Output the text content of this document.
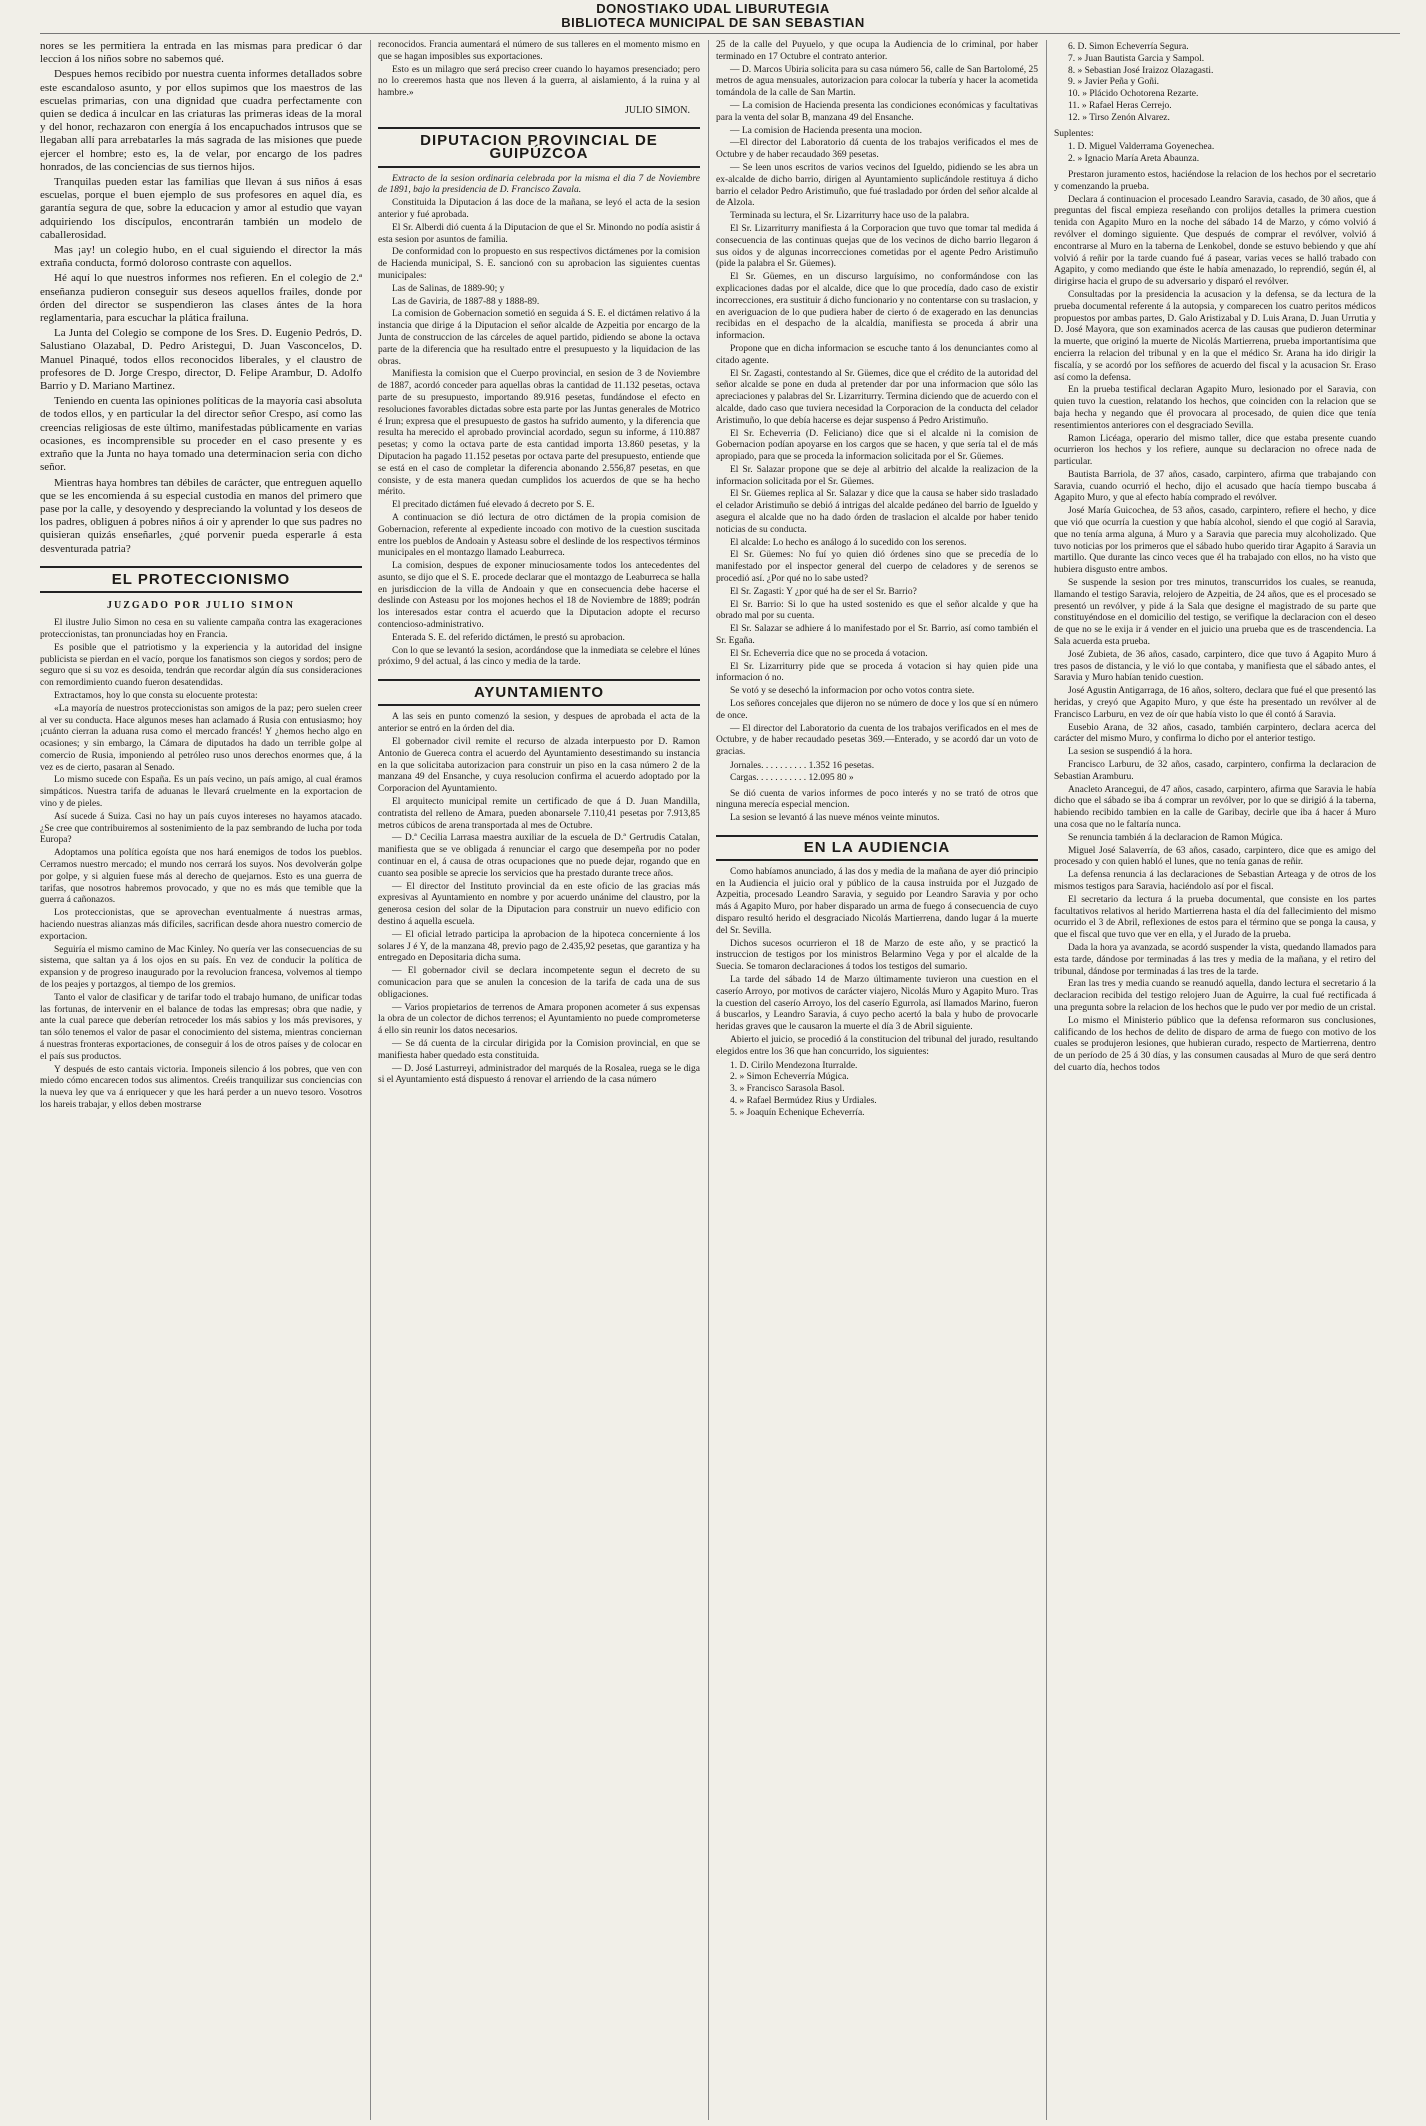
DONOSTIAKO UDAL LIBURUTEGIA
BIBLIOTECA MUNICIPAL DE SAN SEBASTIAN

nores se les permitiera la entrada en las mismas para predicar ó dar leccion á los niños sobre no sabemos qué.

Despues hemos recibido por nuestra cuenta informes detallados sobre este escandaloso asunto, y por ellos supimos que los maestros de las escuelas primarias, con una dignidad que cuadra perfectamente con quien se dedica á inculcar en las criaturas las primeras ideas de la moral y del honor, rechazaron con energía á los encapuchados intrusos que se llegaban allí para arrebatarles la más sagrada de las misiones que puede ejercer el hombre; esto es, la de velar, por encargo de los padres honrados, de las conciencias de sus tiernos hijos.

Tranquilas pueden estar las familias que llevan á sus niños á esas escuelas, porque el buen ejemplo de sus profesores en aquel día, es garantía segura de que, sobre la educacion y amor al estudio que vayan adquiriendo los discípulos, encontrarán también un modelo de caballerosidad.

Mas ¡ay! un colegio hubo, en el cual siguiendo el director la más extraña conducta, formó doloroso contraste con aquellos.

Hé aquí lo que nuestros informes nos refieren. En el colegio de 2.ª enseñanza pudieron conseguir sus deseos aquellos frailes, donde por órden del director se suspendieron las clases ántes de la hora reglamentaria, para escuchar la plática frailuna.

La Junta del Colegio se compone de los Sres. D. Eugenio Pedrós, D. Salustiano Olazabal, D. Pedro Aristegui, D. Juan Vasconcelos, D. Manuel Pinaqué, todos ellos reconocidos liberales, y el claustro de profesores de D. Jorge Crespo, director, D. Felipe Arambur, D. Adolfo Barrio y D. Mariano Martinez.

Teniendo en cuenta las opiniones políticas de la mayoría casi absoluta de todos ellos, y en particular la del director señor Crespo, así como las creencias religiosas de este último, manifestadas públicamente en varias ocasiones, es incomprensible su proceder en el caso presente y es extraño que la Junta no haya tomado una determinacion seria con dicho señor.

Mientras haya hombres tan débiles de carácter, que entreguen aquello que se les encomienda á su especial custodia en manos del primero que pase por la calle, y desoyendo y despreciando la voluntad y los deseos de los padres, obliguen á pobres niños á oir y aprender lo que sus padres no quisieran quizás enseñarles, ¿qué porvenir pueda esperarle á esta desventurada patria?

EL PROTECCIONISMO
JUZGADO POR JULIO SIMON

El ilustre Julio Simon no cesa en su valiente campaña contra las exageraciones proteccionistas, tan pronunciadas hoy en Francia.

Es posible que el patriotismo y la experiencia y la autoridad del insigne publicista se pierdan en el vacío, porque los fanatismos son ciegos y sordos; pero de seguro que si su voz es desoida, tendrán que recordar algún día sus consideraciones con remordimiento cuando fueron desatendidas.

Extractamos, hoy lo que consta su elocuente protesta:

«La mayoría de nuestros proteccionistas son amigos de la paz; pero suelen creer al ver su conducta. Hace algunos meses han aclamado á Rusia con entusiasmo; hoy ¡cuánto cierran la aduana rusa como el mercado francés! Y ¿hemos hecho algo en ocasiones; y sin embargo, la Cámara de diputados ha dado un terrible golpe al comercio de Rusia, imponiendo al petróleo ruso unos derechos enormes que, á la vez es de cierto, pasaran al Senado.

Lo mismo sucede con España. Es un país vecino, un país amigo, al cual éramos simpáticos. Nuestra tarifa de aduanas le llevará cruelmente en la exportacion de vino y de pieles.

Así sucede á Suiza. Casi no hay un país cuyos intereses no hayamos atacado. ¿Se cree que contribuiremos al sostenimiento de la paz sembrando de lucha por toda Europa?

Adoptamos una política egoísta que nos hará enemigos de todos los pueblos. Cerramos nuestro mercado; el mundo nos cerrará los suyos. Nos devolverán golpe por golpe, y si alguien fuese más al derecho de quejarnos. Esto es una guerra de tarifas, que nosotros habremos provocado, y que no es más que temible que la guerra á cañonazos.

Los proteccionistas, que se aprovechan eventualmente á nuestras armas, haciendo nuestras alianzas más difíciles, sacrifican desde ahora nuestro comercio de exportacion.

Seguiría el mismo camino de Mac Kinley. No quería ver las consecuencias de su sistema, que saltan ya á los ojos en su país. En vez de conducir la política de expansion y de progreso inaugurado por la revolucion francesa, volvemos al tiempo de los peajes y portazgos, al tiempo de los gremios.

Tanto el valor de clasificar y de tarifar todo el trabajo humano, de unificar todas las fortunas, de intervenir en el balance de todas las empresas; obra que nadie, y ante la cual parece que deberían retroceder los más sabios y los más previsores, y tan sólo tenemos el valor de pasar el conocimiento del sistema, mientras conciernan á nuestras fronteras exportaciones, de conseguir á los de otros países y de colocar en el país sus productos.

Y después de esto cantais victoria. Imponeis silencio á los pobres, que ven con miedo cómo encarecen todos sus alimentos. Creéis tranquilizar sus conciencias con la nueva ley que va á enriquecer y que les hará perder a un nuevo tesoro. Vosotros los hareis trabajar, y ellos deben mostrarse

reconocidos. Francia aumentará el número de sus talleres en el momento mismo en que se hagan imposibles sus exportaciones.

Esto es un milagro que será preciso creer cuando lo hayamos presenciado; pero no lo creeremos hasta que nos lleven á la guerra, al aislamiento, á la ruina y al hambre.»

JULIO SIMON.
DIPUTACION PROVINCIAL DE GUIPÚZCOA

Extracto de la sesion ordinaria celebrada por la misma el dia 7 de Noviembre de 1891, bajo la presidencia de D. Francisco Zavala.

Constituida la Diputacion á las doce de la mañana, se leyó el acta de la sesion anterior y fué aprobada.

El Sr. Alberdi dió cuenta á la Diputacion de que el Sr. Minondo no podía asistir á esta sesion por asuntos de familia.

De conformidad con lo propuesto en sus respectivos dictámenes por la comision de Hacienda municipal, S. E. sancionó con su aprobacion las siguientes cuentas municipales:

Las de Salinas, de 1889-90; y

Las de Gaviria, de 1887-88 y 1888-89.

La comision de Gobernacion sometió en seguida á S. E. el dictámen relativo á la instancia que dirige á la Diputacion el señor alcalde de Azpeitia por encargo de la Junta de construccion de las cárceles de aquel partido, pidiendo se abone la octava parte de la diferencia que ha resultado entre el presupuesto y la liquidacion de las obras.

Manifiesta la comision que el Cuerpo provincial, en sesion de 3 de Noviembre de 1887, acordó conceder para aquellas obras la cantidad de 11.132 pesetas, octava parte de su presupuesto, importando 89.916 pesetas, fundándose el efecto en resoluciones favorables dictadas sobre esta parte por las Juntas generales de Motrico é Irun; expresa que el presupuesto de gastos ha sufrido aumento, y la diferencia que resulta ha merecido el aprobado provincial acordado, segun su informe, á 110.887 pesetas; y como la octava parte de esta cantidad importa 13.860 pesetas, y la Diputacion ha pagado 11.152 pesetas por octava parte del presupuesto, entiende que se está en el caso de completar la diferencia abonando 2.556,87 pesetas, en que consiste, y de esta manera quedan cumplidos los acuerdos de que se ha hecho mérito.

El precitado dictámen fué elevado á decreto por S. E.

A continuacion se dió lectura de otro dictámen de la propia comision de Gobernacion, referente al expediente incoado con motivo de la cuestion suscitada entre los pueblos de Andoain y Asteasu sobre el deslinde de los respectivos términos municipales en el montazgo llamado Leaburreca.

La comision, despues de exponer minuciosamente todos los antecedentes del asunto, se dijo que el S. E. procede declarar que el montazgo de Leaburreca se halla en jurisdiccion de la villa de Andoain y que en consecuencia debe hacerse el deslinde con Asteasu por los mojones hechos el 18 de Noviembre de 1889; podrán los interesados estar contra el acuerdo que la Diputacion adopte el recurso contencioso-administrativo.

Enterada S. E. del referido dictámen, le prestó su aprobacion.

Con lo que se levantó la sesion, acordándose que la inmediata se celebre el lúnes próximo, 9 del actual, á las cinco y media de la tarde.

AYUNTAMIENTO

A las seis en punto comenzó la sesion, y despues de aprobada el acta de la anterior se entró en la órden del dia.

El gobernador civil remite el recurso de alzada interpuesto por D. Ramon Antonio de Guereca contra el acuerdo del Ayuntamiento desestimando su instancia en la que solicitaba autorizacion para construir un piso en la casa número 2 de la manzana 49 del Ensanche, y cuya resolucion confirma el acuerdo adoptado por la Corporacion del Ayuntamiento.

El arquitecto municipal remite un certificado de que á D. Juan Mandilla, contratista del relleno de Amara, pueden abonarsele 7.110,41 pesetas por 7.913,85 metros cúbicos de arena transportada al mes de Octubre.

— D.ª Cecilia Larrasa maestra auxiliar de la escuela de D.ª Gertrudis Catalan, manifiesta que se ve obligada á renunciar el cargo que desempeña por no poder continuar en el, á causa de otras ocupaciones que no puede dejar, rogando que en cuanto sea posible se aprecie los servicios que ha prestado durante trece años.

— El director del Instituto provincial da en este oficio de las gracias más expresivas al Ayuntamiento en nombre y por acuerdo unánime del claustro, por la generosa cesion del solar de la Diputacion para construir un nuevo edificio con destino á aquella escuela.

— El oficial letrado participa la aprobacion de la hipoteca concerniente á los solares J é Y, de la manzana 48, previo pago de 2.435,92 pesetas, que garantiza y ha entregado en Depositaria dicha suma.

— El gobernador civil se declara incompetente segun el decreto de su comunicacion para que se anulen la concesion de la tarifa de cada una de sus obligaciones.

— Varios propietarios de terrenos de Amara proponen acometer á sus expensas la obra de un colector de dichos terrenos; el Ayuntamiento no puede comprometerse á ello sin reunir los datos necesarios.

— Se dá cuenta de la circular dirigida por la Comision provincial, en que se manifiesta haber quedado esta constituida.

— D. José Lasturreyi, administrador del marqués de la Rosalea, ruega se le diga si el Ayuntamiento está dispuesto á renovar el arriendo de la casa número

25 de la calle del Puyuelo, y que ocupa la Audiencia de lo criminal, por haber terminado en 17 Octubre el contrato anterior.

— D. Marcos Ubiria solicita para su casa número 56, calle de San Bartolomé, 25 metros de agua mensuales, autorizacion para colocar la tubería y hacer la acometida tomándola de la calle de San Martin.

— La comision de Hacienda presenta las condiciones económicas y facultativas para la venta del solar B, manzana 49 del Ensanche.

— La comision de Hacienda presenta una mocion.

—El director del Laboratorio dá cuenta de los trabajos verificados el mes de Octubre y de haber recaudado 369 pesetas.

— Se leen unos escritos de varios vecinos del Igueldo, pidiendo se les abra un ex-alcalde de dicho barrio, dirigen al Ayuntamiento suplicándole restituya á dicho barrio el celador Pedro Aristimuño, que fué trasladado por órden del señor alcalde al de Alzola.

Terminada su lectura, el Sr. Lizarriturry hace uso de la palabra.

El Sr. Lizarriturry manifiesta á la Corporacion que tuvo que tomar tal medida á consecuencia de las continuas quejas que de los vecinos de dicho barrio llegaron á sus oidos y de algunas incorrecciones cometidas por el agente Pedro Aristimuño (pide la palabra el Sr. Güemes).

El Sr. Güemes, en un discurso larguísimo, no conformándose con las explicaciones dadas por el alcalde, dice que lo que procedía, dado caso de existir incorrecciones, era sustituir á dicho funcionario y no contentarse con su traslacion, y en averiguacion de lo que pudiera haber de cierto ó de exagerado en las denuncias recibidas en el despacho de la alcaldía, manifiesta se proceda á abrir una informacion.

Propone que en dicha informacion se escuche tanto á los denunciantes como al citado agente.

El Sr. Zagasti, contestando al Sr. Güemes, dice que el crédito de la autoridad del señor alcalde se pone en duda al pretender dar por una informacion que sólo las apreciaciones y palabras del Sr. Lizarriturry. Termina diciendo que de acuerdo con el alcalde, dado caso que tuviera necesidad la Corporacion de la conducta del celador Aristimuño, lo que debía hacerse es dejar suspenso á Pedro Aristimuño.

El Sr. Echeverria (D. Feliciano) dice que si el alcalde ni la comision de Gobernacion podían apoyarse en los cargos que se hacen, y que sería tal el de más apropiado, para que se proceda la informacion solicitada por el Sr. Güemes.

El Sr. Salazar propone que se deje al arbitrio del alcalde la realizacion de la informacion solicitada por el Sr. Güemes.

El Sr. Güemes replica al Sr. Salazar y dice que la causa se haber sido trasladado el celador Aristimuño se debió á intrigas del alcalde pedáneo del barrio de Igueldo y asegura el alcalde que no ha dado órden de traslacion el alcalde por haber tenido noticias de su conducta.

El alcalde: Lo hecho es análogo á lo sucedido con los serenos.

El Sr. Güemes: No fuí yo quien dió órdenes sino que se precedía de lo manifestado por el inspector general del cuerpo de celadores y de serenos se procedió así. ¿Por qué no lo sabe usted?

El Sr. Zagasti: Y ¿por qué ha de ser el Sr. Barrio?

El Sr. Barrio: Si lo que ha usted sostenido es que el señor alcalde y que ha obrado mal por su cuenta.

El Sr. Salazar se adhiere á lo manifestado por el Sr. Barrio, así como también el Sr. Egaña.

El Sr. Echeverria dice que no se proceda á votacion.

El Sr. Lizarriturry pide que se proceda á votacion si hay quien pide una informacion ó no.

Se votó y se desechó la informacion por ocho votos contra siete.

Los señores concejales que dijeron no se número de doce y los que sí en número de once.

— El director del Laboratorio da cuenta de los trabajos verificados en el mes de Octubre, y de haber recaudado pesetas 369.—Enterado, y se acordó dar un voto de gracias.

Jornales. . . . . . . . . . 1.352 16 pesetas.
Cargas. . . . . . . . . . . 12.095 80 »

Se dió cuenta de varios informes de poco interés y no se trató de otros que ninguna merecía especial mencion.

La sesion se levantó á las nueve ménos veinte minutos.

EN LA AUDIENCIA

Como habíamos anunciado, á las dos y media de la mañana de ayer dió principio en la Audiencia el juicio oral y público de la causa instruida por el Juzgado de Azpeitia, procesado Leandro Saravia, y seguido por Leandro Saravia y por ocho más á Agapito Muro, por haber disparado un arma de fuego á consecuencia de cuyo disparo resultó herido el desgraciado Nicolás Martierrena, dando lugar á la muerte del Sr. Sevilla.

Dichos sucesos ocurrieron el 18 de Marzo de este año, y se practicó la instruccion de testigos por los ministros Belarmino Vega y por el alcalde de la Suecia. Se tomaron declaraciones á todos los testigos del sumario.

La tarde del sábado 14 de Marzo últimamente tuvieron una cuestion en el caserío Arroyo, por motivos de carácter viajero, Nicolás Muro y Agapito Muro. Tras la cuestion del caserío Arroyo, los del caserío Egurrola, así llamados Marino, fueron á buscarlos, y Leandro Saravia, á cuyo pecho acertó la bala y hubo de provocarle heridas graves que le causaron la muerte el día 3 de Abril siguiente.

Abierto el juicio, se procedió á la constitucion del tribunal del jurado, resultando elegidos entre los 36 que han concurrido, los siguientes:

1. D. Cirilo Mendezona Iturralde.
2. » Simon Echeverría Múgica.
3. » Francisco Sarasola Basol.
4. » Rafael Bermúdez Rius y Urdiales.
5. » Joaquín Echenique Echeverría.
6. D. Simon Echeverría Segura.
7. » Juan Bautista Garcia y Sampol.
8. » Sebastian José Iraizoz Olazagasti.
9. » Javier Peña y Goñi.
10. » Plácido Ochotorena Rezarte.
11. » Rafael Heras Cerrejo.
12. » Tirso Zenón Alvarez.
Suplentes:
1. D. Miguel Valderrama Goyenechea.
2. » Ignacio María Areta Abaunza.

Prestaron juramento estos, haciéndose la relacion de los hechos por el secretario y comenzando la prueba.

Declara á continuacion el procesado Leandro Saravia, casado, de 30 años, que á preguntas del fiscal empieza reseñando con prolijos detalles la primera cuestion tenida con Agapito Muro en la noche del sábado 14 de Marzo, y cómo volvió á revólver el domingo siguiente. Que después de comprar el revólver, volvió á encontrarse al Muro en la taberna de Lenkobel, donde se estuvo bebiendo y que ahí volvió á reñir por la tarde cuando fué á pasear, varias veces se halló trabado con Agapito, y como mediando que éste le había amenazado, lo reprendió, según él, al dirigirse hacia el grupo de su adversario y disparó el revólver.

Consultadas por la presidencia la acusacion y la defensa, se da lectura de la prueba documental referente á la autopsia, y comparecen los cuatro peritos médicos propuestos por ambas partes, D. Galo Aristizabal y D. Luis Arana, D. Juan Urrutia y D. José Mayora, que son examinados acerca de las causas que pudieron determinar la muerte, que originó la muerte de Nicolás Martierrena, prueba importantísima que encierra la relacion del tribunal y en la que el médico Sr. Arana ha ido dirigir la fiscalía, y se acordó por los sefñores de acuerdo del fiscal y la acusacion Sr. Eraso así como la defensa.

En la prueba testifical declaran Agapito Muro, lesionado por el Saravia, con quien tuvo la cuestion, relatando los hechos, que coinciden con la relacion que se baja hecha y negando que él provocara al procesado, de quien dice que tenía resentimientos anteriores con el desgraciado Sevilla.

Ramon Licéaga, operario del mismo taller, dice que estaba presente cuando ocurrieron los hechos y los refiere, aunque su declaracion no ofrece nada de particular.

Bautista Barriola, de 37 años, casado, carpintero, afirma que trabajando con Saravia, cuando ocurrió el hecho, dijo el acusado que hacía tiempo buscaba á Agapito Muro, y que al efecto había comprado el revólver.

José María Guicochea, de 53 años, casado, carpintero, refiere el hecho, y dice que vió que ocurría la cuestion y que había alcohol, siendo el que cogió al Saravia, que no tenía arma alguna, á Muro y a Saravia que parecia muy alcoholizado. Que tuvo noticias por los primeros que el sábado hubo querido tirar Agapito á Saravia un martillo. Que durante las cinco veces que él ha trabajado con ellos, no ha visto que hubiera disgusto entre ambos.

Se suspende la sesion por tres minutos, transcurridos los cuales, se reanuda, llamando el testigo Saravia, relojero de Azpeitia, de 24 años, que es el procesado se presentó un revólver, y pide á la Sala que designe el magistrado de su parte que constituyéndose en el domicilio del testigo, se verifique la declaracion con el deseo de que no se le exija ir á vender en el juicio una prueba que es de trascendencia. La Sala acuerda esta prueba.

José Zubieta, de 36 años, casado, carpintero, dice que tuvo á Agapito Muro á tres pasos de distancia, y le vió lo que contaba, y manifiesta que el sábado antes, el Saravia y Muro habían tenido cuestion.

José Agustin Antigarraga, de 16 años, soltero, declara que fué el que presentó las heridas, y creyó que Agapito Muro, y que éste ha presentado un revólver al de Francisco Larburu, en vez de oír que había visto lo que él contó á Saravia.

Eusebio Arana, de 32 años, casado, también carpintero, declara acerca del carácter del mismo Muro, y confirma lo dicho por el anterior testigo.

La sesion se suspendió á la hora.

Francisco Larburu, de 32 años, casado, carpintero, confirma la declaracion de Sebastian Aramburu.

Anacleto Arancegui, de 47 años, casado, carpintero, afirma que Saravia le había dicho que el sábado se iba á comprar un revólver, por lo que se dirigió á la taberna, habiendo recibido tambien en la calle de Garibay, decirle que iba á hacer á Muro una cosa que no le faltaría nunca.

Se renuncia también á la declaracion de Ramon Múgica.

Miguel José Salaverría, de 63 años, casado, carpintero, dice que es amigo del procesado y con quien habló el lunes, que no tenía ganas de reñir.

La defensa renuncia á las declaraciones de Sebastian Arteaga y de otros de los mismos testigos para Saravia, haciéndolo así por el fiscal.

El secretario da lectura á la prueba documental, que consiste en los partes facultativos relativos al herido Martierrena hasta el día del fallecimiento del mismo ocurrido el 3 de Abril, reflexiones de estos para el término que se ponga la causa, y que el fiscal que tuvo que ver en ella, y el Jurado de la prueba.

Dada la hora ya avanzada, se acordó suspender la vista, quedando llamados para esta tarde, dándose por terminadas á las tres y media de la mañana, y el retiro del tribunal, dándose por terminadas á las tres de la tarde.

Eran las tres y media cuando se reanudó aquella, dando lectura el secretario á la declaracion recibida del testigo relojero Juan de Aguirre, la cual fué rectificada á una pregunta sobre la relacion de los hechos que le pudo ver por medio de un cristal.

Lo mismo el Ministerio público que la defensa reformaron sus conclusiones, calificando de los hechos de delito de disparo de arma de fuego con motivo de los cuales se produjeron lesiones, que hubieran curado, respecto de Martierrena, dentro de un período de 25 á 30 días, y las consumen causadas al Muro de que será dentro del cuarto día, hechos todos
